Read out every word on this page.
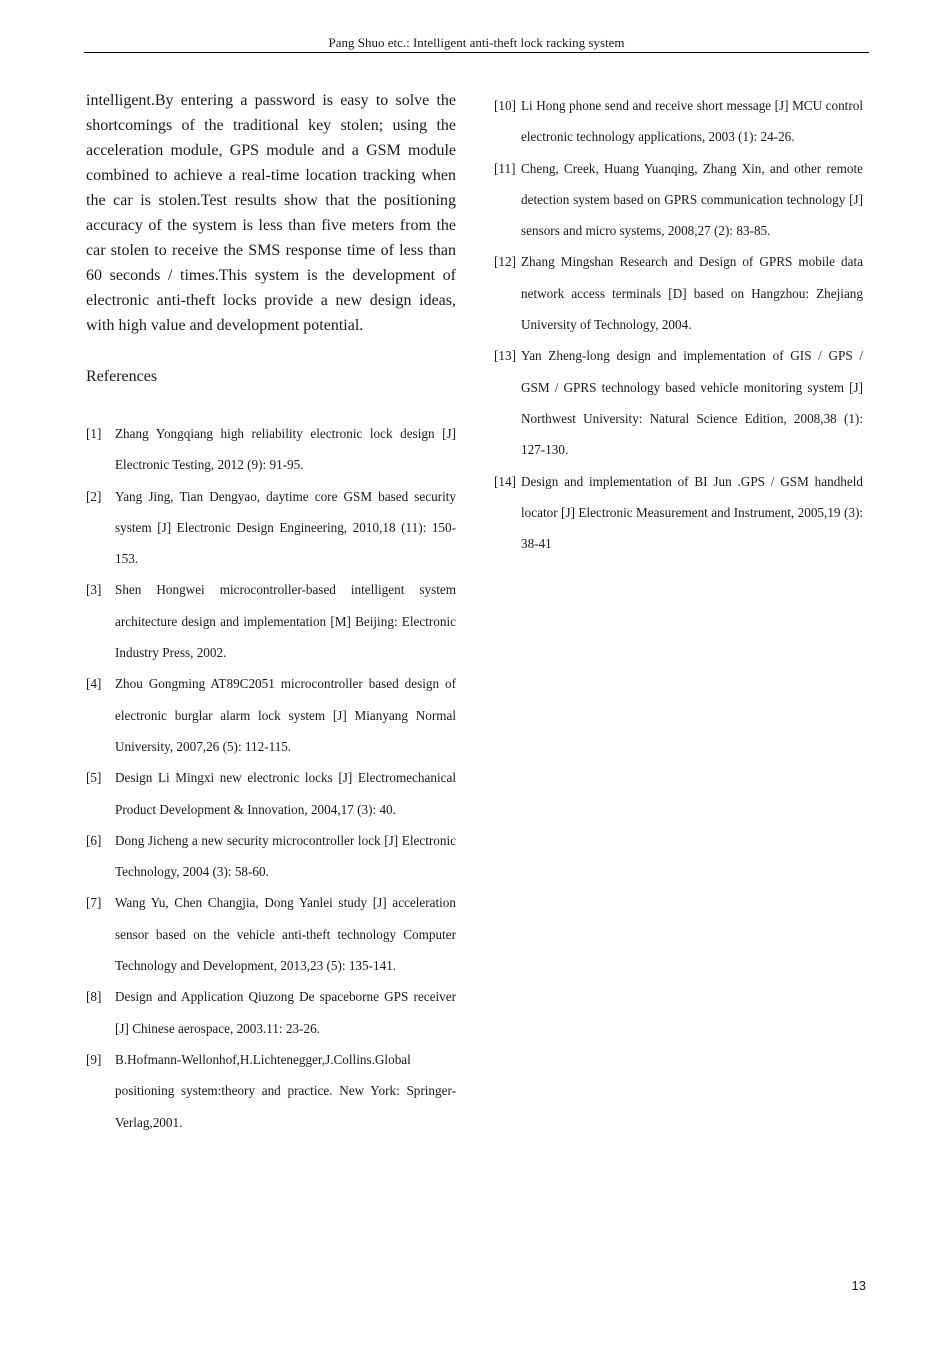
Pang Shuo etc.: Intelligent anti-theft lock racking system

intelligent.By entering a password is easy to solve the shortcomings of the traditional key stolen; using the acceleration module, GPS module and a GSM module combined to achieve a real-time location tracking when the car is stolen.Test results show that the positioning accuracy of the system is less than five meters from the car stolen to receive the SMS response time of less than 60 seconds / times.This system is the development of electronic anti-theft locks provide a new design ideas, with high value and development potential.

References
[1]	Zhang Yongqiang high reliability electronic lock design [J] Electronic Testing, 2012 (9): 91-95.
[2]	Yang Jing, Tian Dengyao, daytime core GSM based security system [J] Electronic Design Engineering, 2010,18 (11): 150-153.
[3]	Shen Hongwei microcontroller-based intelligent system architecture design and implementation [M] Beijing: Electronic Industry Press, 2002.
[4]	Zhou Gongming AT89C2051 microcontroller based design of electronic burglar alarm lock system [J] Mianyang Normal University, 2007,26 (5): 112-115.
[5]	Design Li Mingxi new electronic locks [J] Electromechanical Product Development & Innovation, 2004,17 (3): 40.
[6]	Dong Jicheng a new security microcontroller lock [J] Electronic Technology, 2004 (3): 58-60.
[7]	Wang Yu, Chen Changjia, Dong Yanlei study [J] acceleration sensor based on the vehicle anti-theft technology Computer Technology and Development, 2013,23 (5): 135-141.
[8]	Design and Application Qiuzong De spaceborne GPS receiver [J] Chinese aerospace, 2003.11: 23-26.
[9]	B.Hofmann-Wellonhof,H.Lichtenegger,J.Collins.Global positioning system:theory and practice. New York: Springer- Verlag,2001.
[10] Li Hong phone send and receive short message [J] MCU control electronic technology applications, 2003 (1): 24-26.
[11] Cheng, Creek, Huang Yuanqing, Zhang Xin, and other remote detection system based on GPRS communication technology [J] sensors and micro systems, 2008,27 (2): 83-85.
[12] Zhang Mingshan Research and Design of GPRS mobile data network access terminals [D] based on Hangzhou: Zhejiang University of Technology, 2004.
[13] Yan Zheng-long design and implementation of GIS / GPS / GSM / GPRS technology based vehicle monitoring system [J] Northwest University: Natural Science Edition, 2008,38 (1): 127-130.
[14] Design and implementation of BI Jun .GPS / GSM handheld locator [J] Electronic Measurement and Instrument, 2005,19 (3): 38-41
13
